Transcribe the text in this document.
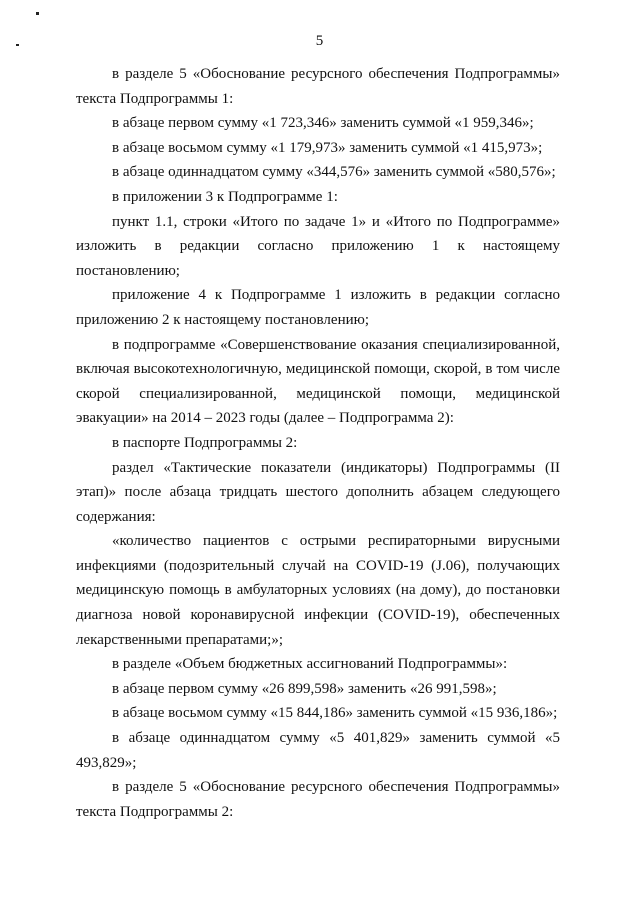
5

в разделе 5 «Обоснование ресурсного обеспечения Подпрограммы» текста Подпрограммы 1:

в абзаце первом сумму «1 723,346» заменить суммой «1 959,346»;

в абзаце восьмом сумму «1 179,973» заменить суммой «1 415,973»;

в абзаце одиннадцатом сумму «344,576» заменить суммой «580,576»;

в приложении 3 к Подпрограмме 1:

пункт 1.1, строки «Итого по задаче 1» и «Итого по Подпрограмме» изложить в редакции согласно приложению 1 к настоящему постановлению;

приложение 4 к Подпрограмме 1 изложить в редакции согласно приложению 2 к настоящему постановлению;

в подпрограмме «Совершенствование оказания специализированной, включая высокотехнологичную, медицинской помощи, скорой, в том числе скорой специализированной, медицинской помощи, медицинской эвакуации» на 2014 – 2023 годы (далее – Подпрограмма 2):

в паспорте Подпрограммы 2:

раздел «Тактические показатели (индикаторы) Подпрограммы (II этап)» после абзаца тридцать шестого дополнить абзацем следующего содержания:

«количество пациентов с острыми респираторными вирусными инфекциями (подозрительный случай на COVID-19 (J.06), получающих медицинскую помощь в амбулаторных условиях (на дому), до постановки диагноза новой коронавирусной инфекции (COVID-19), обеспеченных лекарственными препаратами;»;

в разделе «Объем бюджетных ассигнований Подпрограммы»:

в абзаце первом сумму «26 899,598» заменить «26 991,598»;

в абзаце восьмом сумму «15 844,186» заменить суммой «15 936,186»;

в абзаце одиннадцатом сумму «5 401,829» заменить суммой «5 493,829»;

в разделе 5 «Обоснование ресурсного обеспечения Подпрограммы» текста Подпрограммы 2:
